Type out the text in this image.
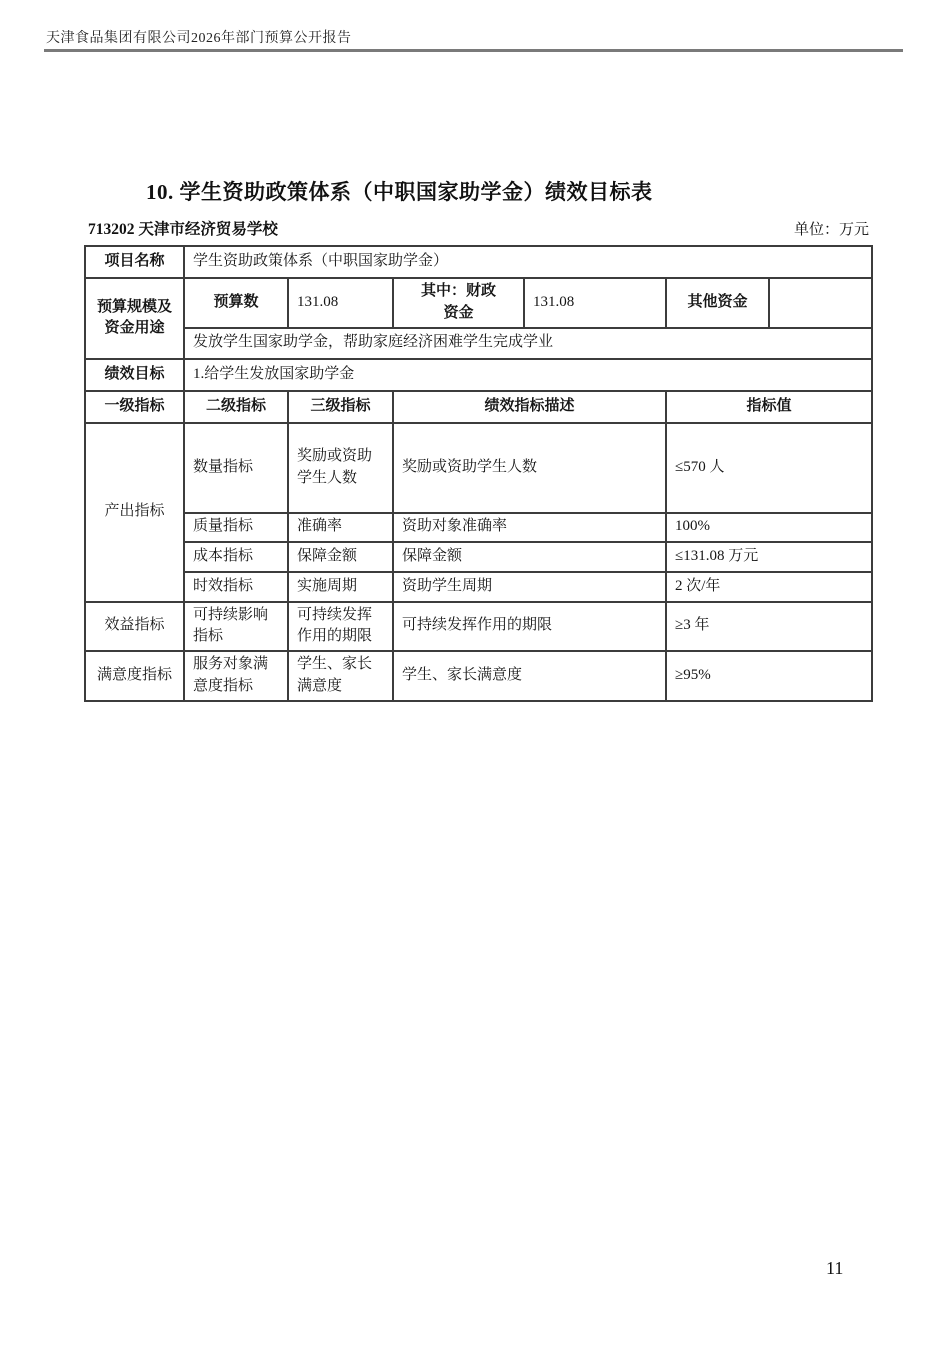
天津食品集团有限公司2026年部门预算公开报告
10. 学生资助政策体系（中职国家助学金）绩效目标表
713202 天津市经济贸易学校	单位：万元
项目名称	学生资助政策体系（中职国家助学金）					
预算规模及资金用途	预算数	131.08	其中：财政资金	131.08	其他资金	
	发放学生国家助学金，帮助家庭经济困难学生完成学业					
绩效目标	1.给学生发放国家助学金					
一级指标	二级指标	三级指标	绩效指标描述		指标值	
产出指标	数量指标	奖励或资助学生人数	奖励或资助学生人数		≤570 人	
	质量指标	准确率	资助对象准确率		100%	
	成本指标	保障金额	保障金额		≤131.08 万元	
	时效指标	实施周期	资助学生周期		2 次/年	
效益指标	可持续影响指标	可持续发挥作用的期限	可持续发挥作用的期限		≥3 年	
满意度指标	服务对象满意度指标	学生、家长满意度	学生、家长满意度		≥95%	
11
